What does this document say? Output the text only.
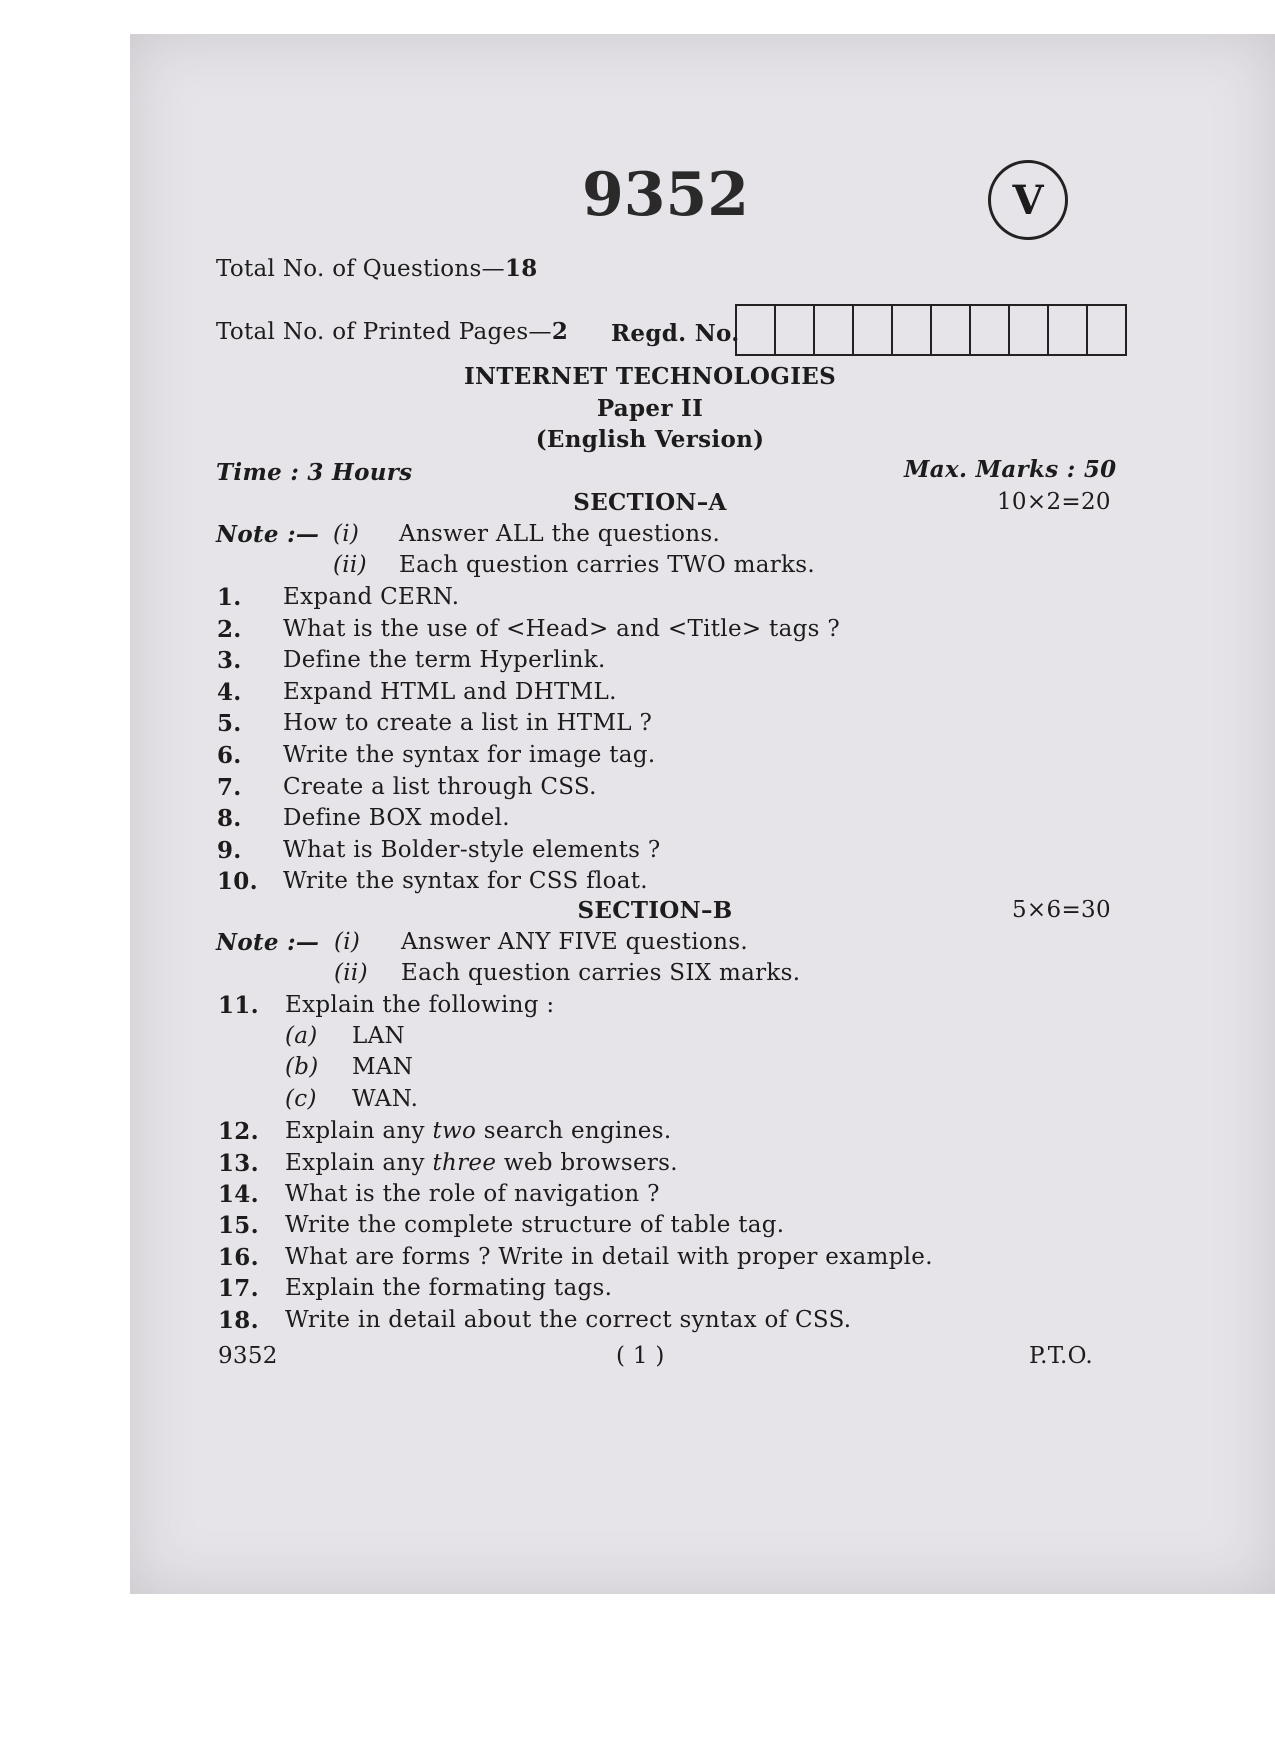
9352	V
Total No. of Questions—18
Total No. of Printed Pages—2 Regd. No.
INTERNET TECHNOLOGIES
Paper II
(English Version)
Time : 3 Hours	Max. Marks : 50
SECTION–A	10×2=20
Note :— (i) Answer ALL the questions.
(ii) Each question carries TWO marks.
1. Expand CERN.
2. What is the use of <Head> and <Title> tags ?
3. Define the term Hyperlink.
4. Expand HTML and DHTML.
5. How to create a list in HTML ?
6. Write the syntax for image tag.
7. Create a list through CSS.
8. Define BOX model.
9. What is Bolder-style elements ?
10. Write the syntax for CSS float.
SECTION–B	5×6=30
Note :— (i) Answer ANY FIVE questions.
(ii) Each question carries SIX marks.
11. Explain the following :
(a) LAN
(b) MAN
(c) WAN.
12. Explain any two search engines.
13. Explain any three web browsers.
14. What is the role of navigation ?
15. Write the complete structure of table tag.
16. What are forms ? Write in detail with proper example.
17. Explain the formating tags.
18. Write in detail about the correct syntax of CSS.
9352	( 1 )	P.T.O.
